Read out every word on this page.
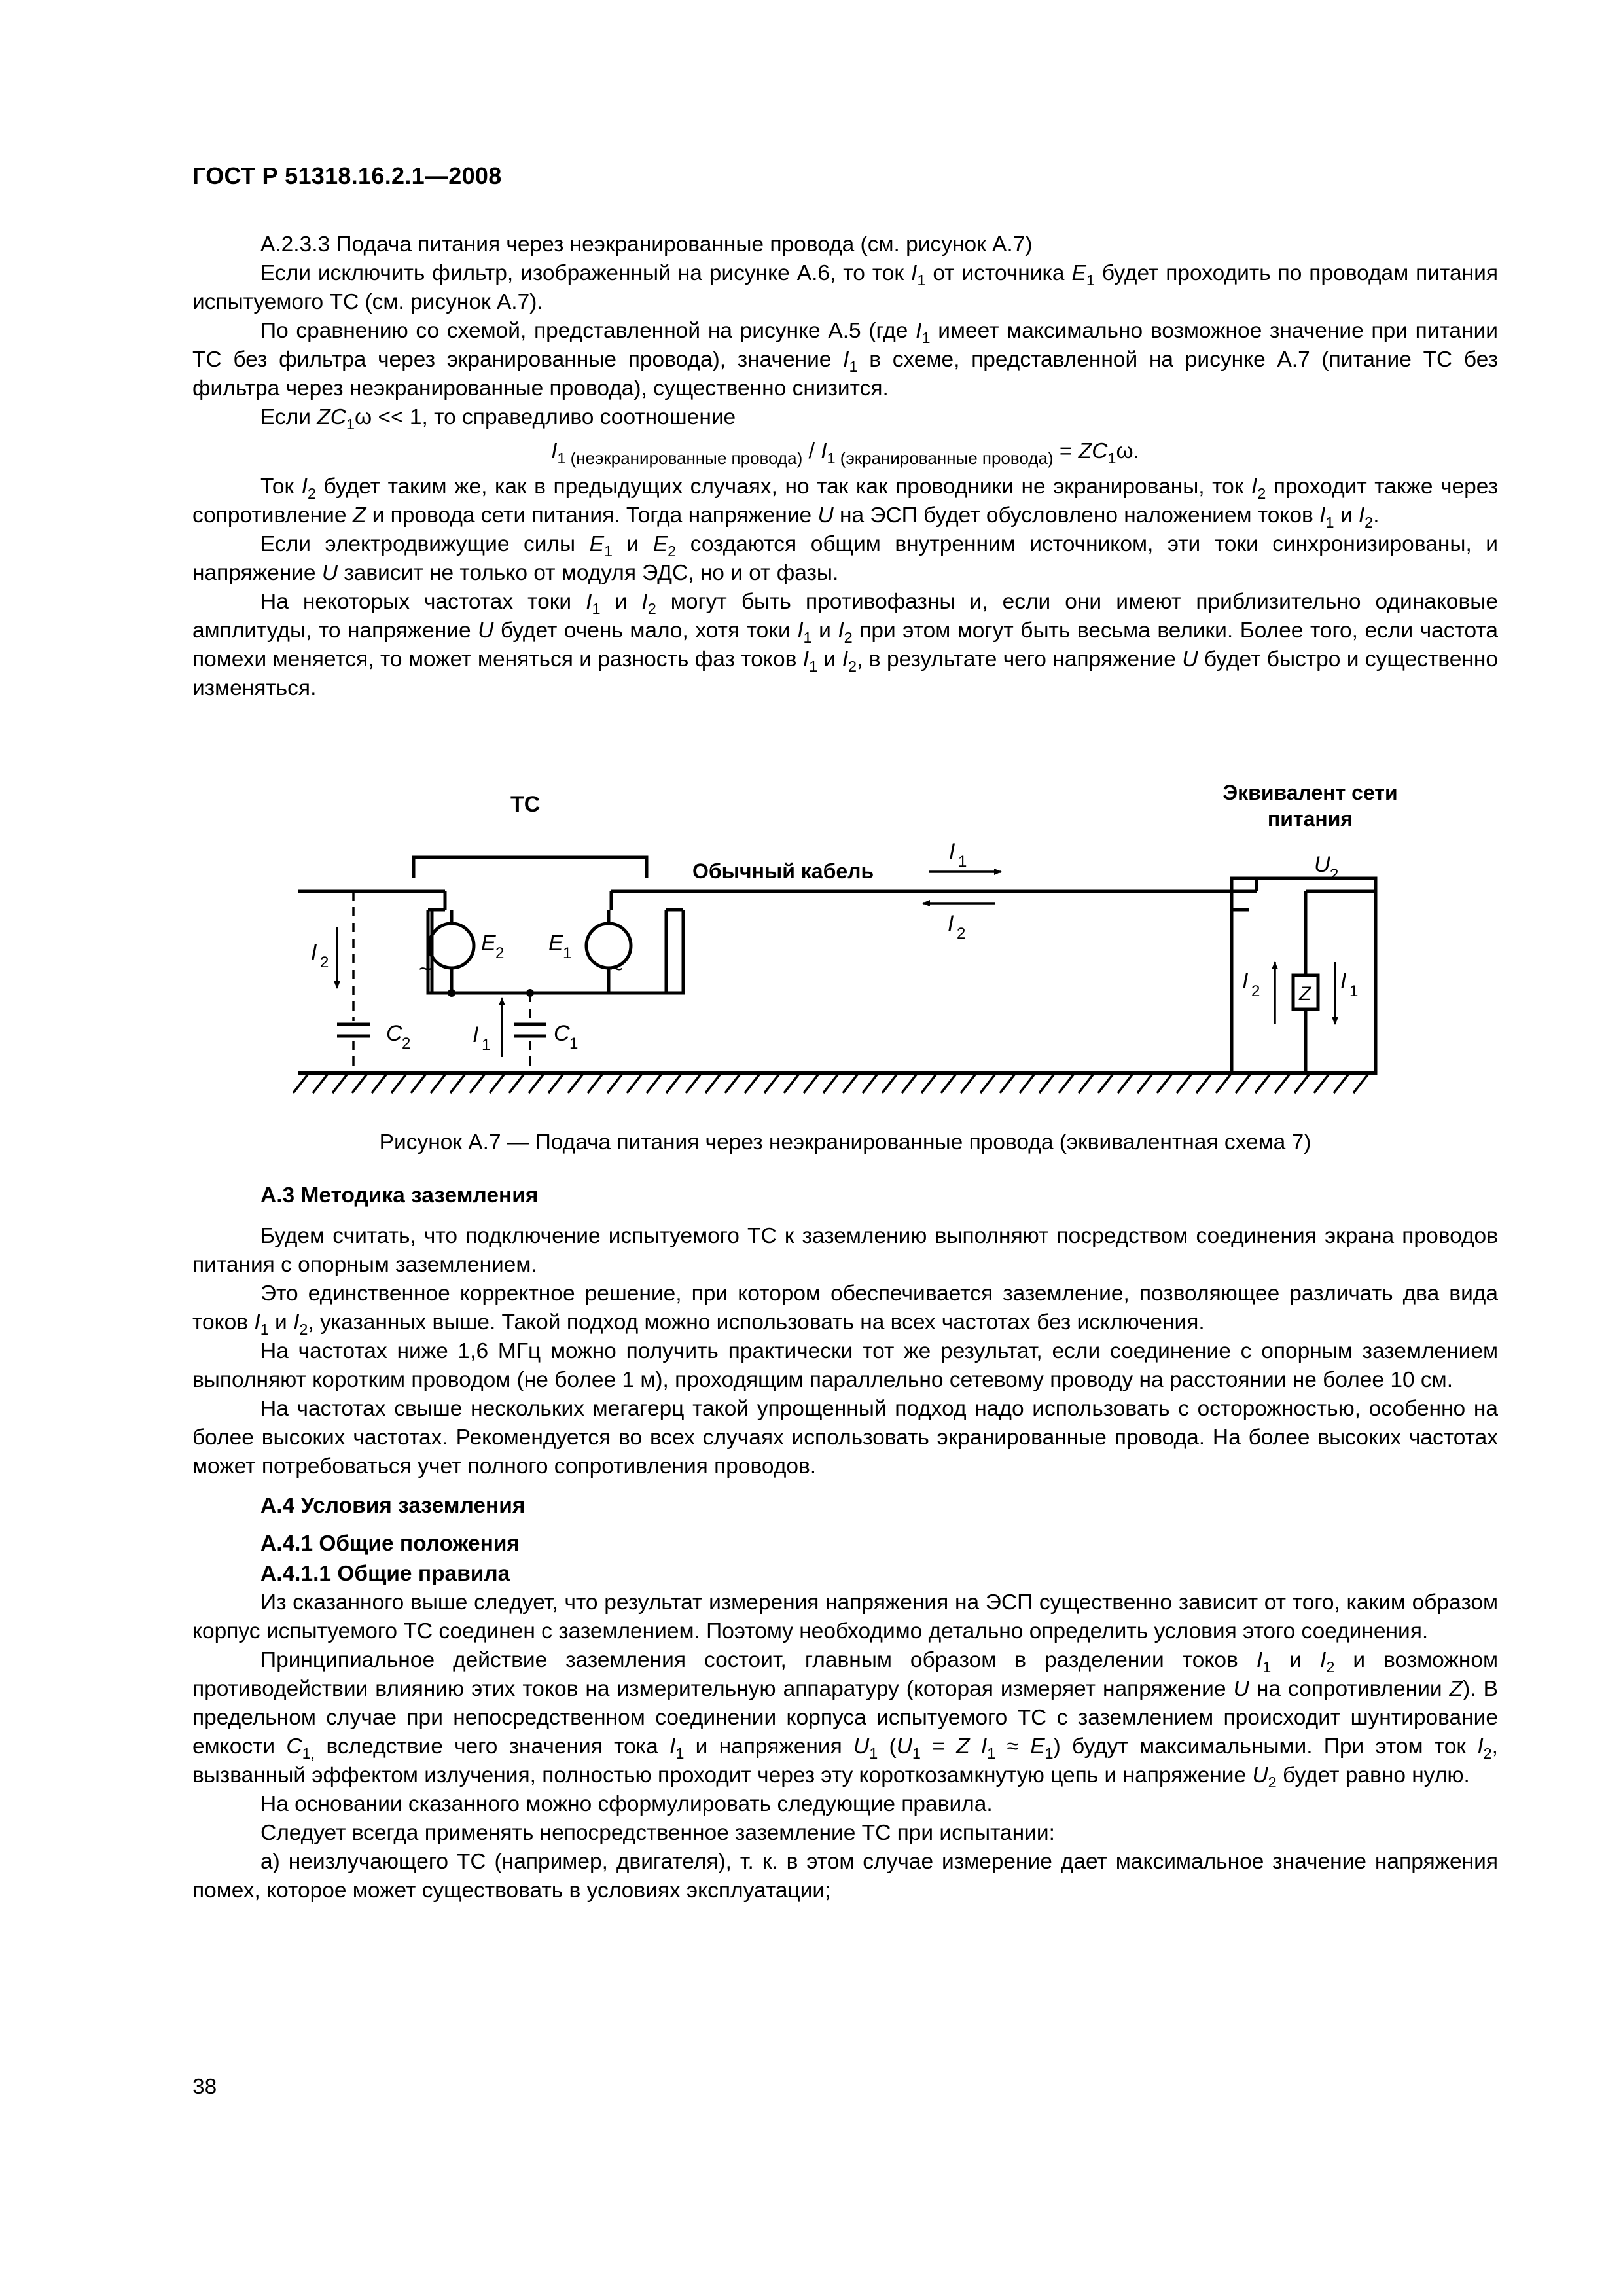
ГОСТ Р 51318.16.2.1—2008

А.2.3.3 Подача питания через неэкранированные провода (см. рисунок А.7)

Если исключить фильтр, изображенный на рисунке А.6, то ток $I_1$ от источника $E_1$ будет проходить по проводам питания испытуемого ТС (см. рисунок А.7).

По сравнению со схемой, представленной на рисунке А.5 (где $I_1$ имеет максимально возможное значение при питании ТС без фильтра через экранированные провода), значение $I_1$ в схеме, представленной на рисунке А.7 (питание ТС без фильтра через неэкранированные провода), существенно снизится.

Если $ZC_1\omega << 1$, то справедливо соотношение

$I_1$ $_{(неэкранированные провода)} / I_1$ $_{(экранированные провода)} = ZC_1\omega$.

Ток $I_2$ будет таким же, как в предыдущих случаях, но так как проводники не экранированы, ток $I_2$ проходит также через сопротивление Z и провода сети питания. Тогда напряжение U на ЭСП будет обусловлено наложением токов $I_1$ и $I_2$.

Если электродвижущие силы $E_1$ и $E_2$ создаются общим внутренним источником, эти токи синхронизированы, и напряжение U зависит не только от модуля ЭДС, но и от фазы.

На некоторых частотах токи $I_1$ и $I_2$ могут быть противофазны и, если они имеют приблизительно одинаковые амплитуды, то напряжение U будет очень мало, хотя токи $I_1$ и $I_2$ при этом могут быть весьма велики. Более того, если частота помехи меняется, то может меняться и разность фаз токов $I_1$ и $I_2$, в результате чего напряжение U будет быстро и существенно изменяться.

~	~
ТС	Эквивалент сети
питания
Обычный кабель
I 1
I 2
I 2
E 2 E 1
C 2	I 1	C 1
U 2
I 2 Z
I 1
Рисунок А.7 — Подача питания через неэкранированные провода (эквивалентная схема 7)

А.3 Методика заземления

Будем считать, что подключение испытуемого ТС к заземлению выполняют посредством соединения экрана проводов питания с опорным заземлением.

Это единственное корректное решение, при котором обеспечивается заземление, позволяющее различать два вида токов $I_1$ и $I_2$, указанных выше. Такой подход можно использовать на всех частотах без исключения.

На частотах ниже 1,6 МГц можно получить практически тот же результат, если соединение с опорным заземлением выполняют коротким проводом (не более 1 м), проходящим параллельно сетевому проводу на расстоянии не более 10 см.

На частотах свыше нескольких мегагерц такой упрощенный подход надо использовать с осторожностью, особенно на более высоких частотах. Рекомендуется во всех случаях использовать экранированные провода. На более высоких частотах может потребоваться учет полного сопротивления проводов.

А.4 Условия заземления

А.4.1 Общие положения

А.4.1.1 Общие правила

Из сказанного выше следует, что результат измерения напряжения на ЭСП существенно зависит от того, каким образом корпус испытуемого ТС соединен с заземлением. Поэтому необходимо детально определить условия этого соединения.

Принципиальное действие заземления состоит, главным образом в разделении токов $I_1$ и $I_2$ и возможном противодействии влиянию этих токов на измерительную аппаратуру (которая измеряет напряжение U на сопротивлении Z). В предельном случае при непосредственном соединении корпуса испытуемого ТС с заземлением происходит шунтирование емкости $C_{1,}$ вследствие чего значения тока $I_1$ и напряжения $U_1$ ($U_1 = Z$ $I_1 \approx E_1$) будут максимальными. При этом ток $I_2$, вызванный эффектом излучения, полностью проходит через эту короткозамкнутую цепь и напряжение $U_2$ будет равно нулю.

На основании сказанного можно сформулировать следующие правила.

Следует всегда применять непосредственное заземление ТС при испытании:

а) неизлучающего ТС (например, двигателя), т. к. в этом случае измерение дает максимальное значение напряжения помех, которое может существовать в условиях эксплуатации;

38
